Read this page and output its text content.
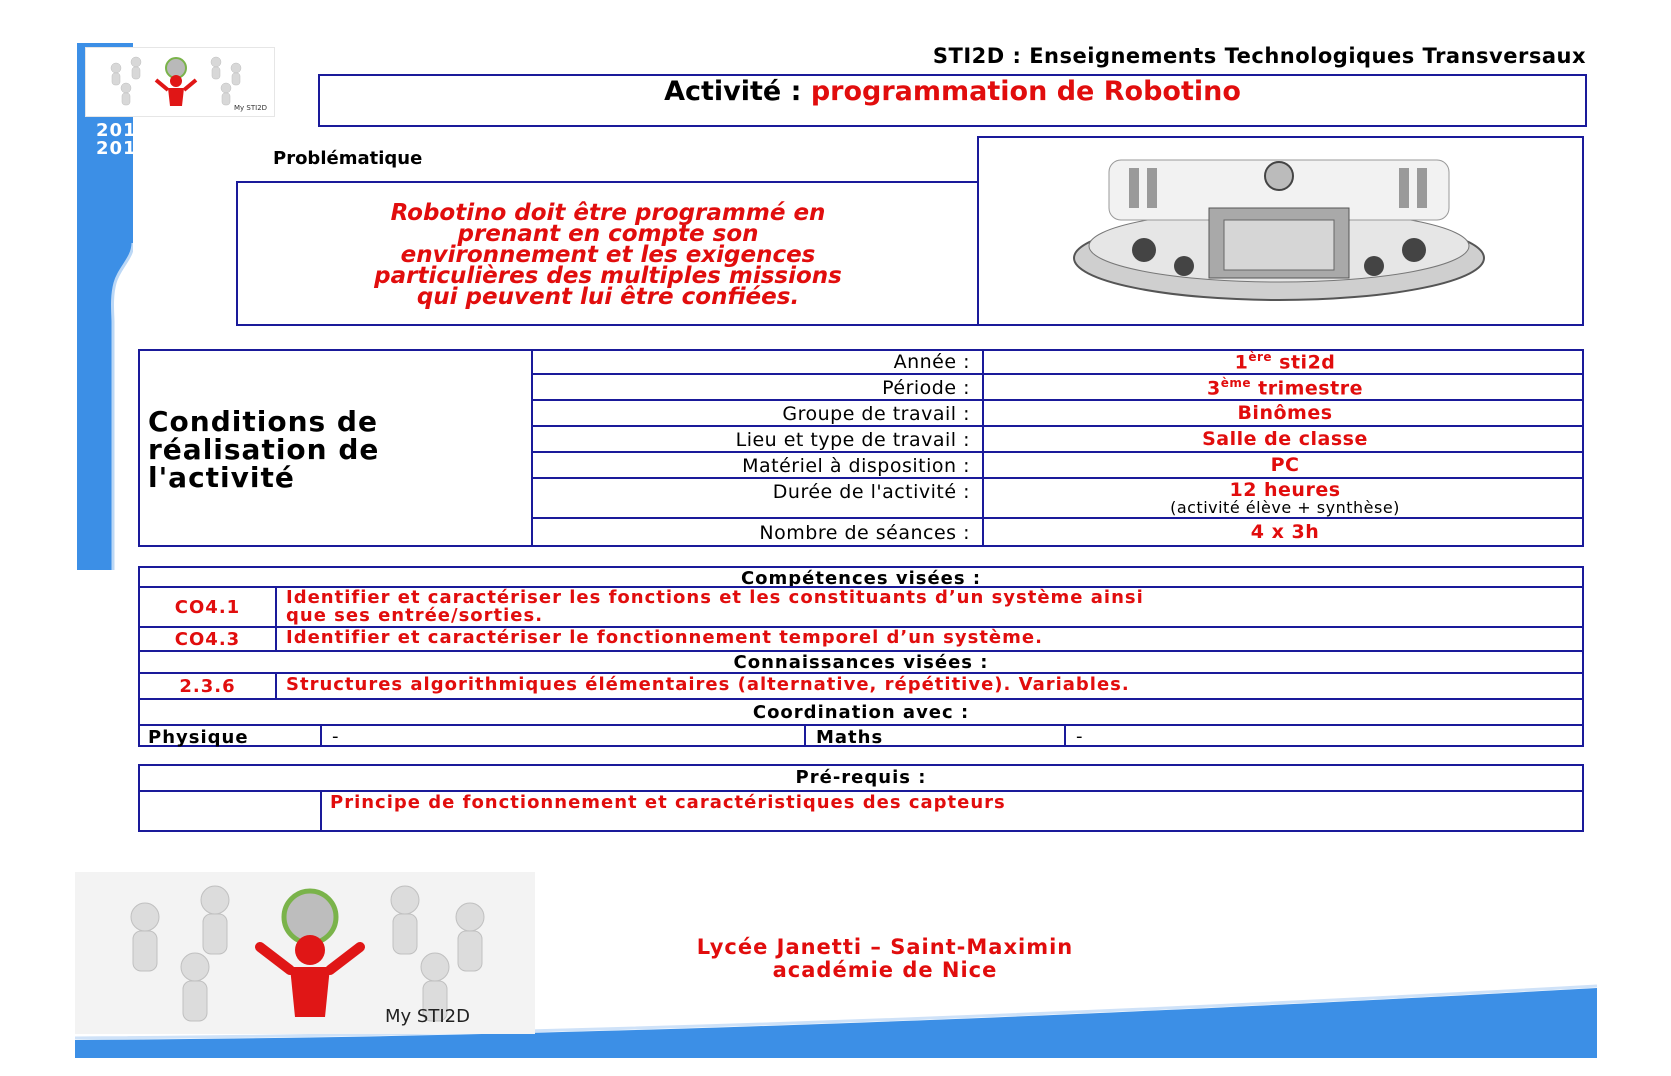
My STI2D
2011
2012
STI2D : Enseignements Technologiques Transversaux
Activité : programmation de Robotino
Problématique
Robotino doit être programmé en
prenant en compte son
environnement et les exigences
particulières des multiples missions
qui peuvent lui être confiées.
Conditions de
réalisation de
l'activité
Année :	1ère sti2d
Période :	3ème trimestre
Groupe de travail :	Binômes
Lieu et type de travail :	Salle de classe
Matériel à disposition :	PC
Durée de l'activité :	12 heures
(activité élève + synthèse)
Nombre de séances :	4 x 3h
Compétences visées :
CO4.1	Identifier et caractériser les fonctions et les constituants d’un système ainsi
que ses entrée/sorties.
CO4.3	Identifier et caractériser le fonctionnement temporel d’un système.
Connaissances visées :
2.3.6	Structures algorithmiques élémentaires (alternative, répétitive). Variables.
Coordination avec :
Physique	-	Maths	-
Pré-requis :
Principe de fonctionnement et caractéristiques des capteurs
My STI2D
Lycée Janetti – Saint-Maximin
académie de Nice
